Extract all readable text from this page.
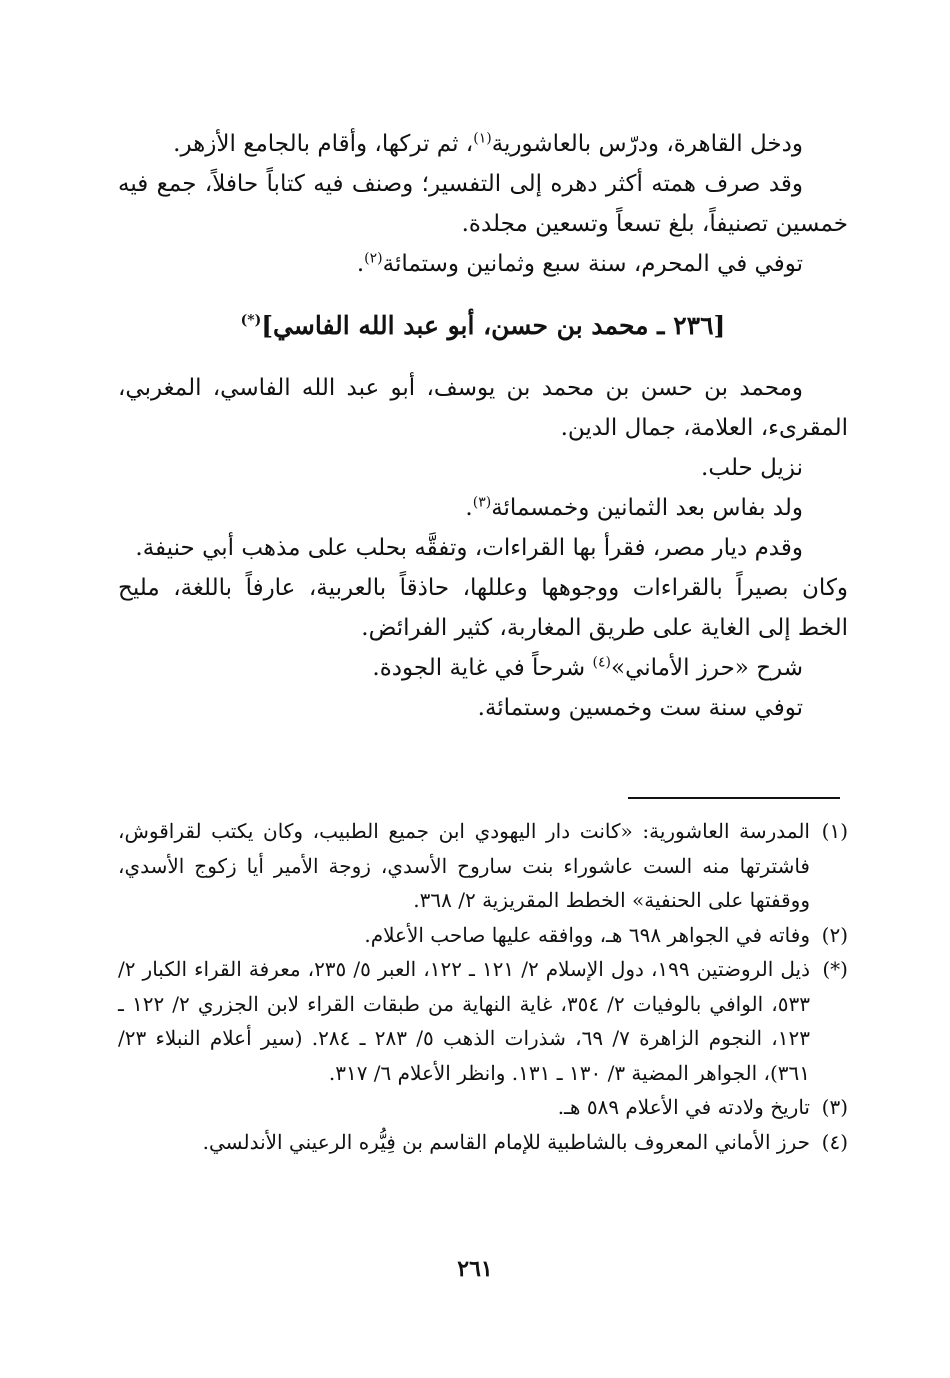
ودخل القاهرة، ودرّس بالعاشورية$^{(١)}$، ثم تركها، وأقام بالجامع الأزهر.

وقد صرف همته أكثر دهره إلى التفسير؛ وصنف فيه كتاباً حافلاً، جمع فيه خمسين تصنيفاً، بلغ تسعاً وتسعين مجلدة.

توفي في المحرم، سنة سبع وثمانين وستمائة$^{(٢)}$.

[٢٣٦ ـ محمد بن حسن، أبو عبد الله الفاسي](*)

ومحمد بن حسن بن محمد بن يوسف، أبو عبد الله الفاسي، المغربي، المقرىء، العلامة، جمال الدين.

نزيل حلب.

ولد بفاس بعد الثمانين وخمسمائة$^{(٣)}$.

وقدم ديار مصر، فقرأ بها القراءات، وتفقَّه بحلب على مذهب أبي حنيفة.

وكان بصيراً بالقراءات ووجوهها وعللها، حاذقاً بالعربية، عارفاً باللغة، مليح الخط إلى الغاية على طريق المغاربة، كثير الفرائض.

شرح «حرز الأماني»$^{(٤)}$ شرحاً في غاية الجودة.

توفي سنة ست وخمسين وستمائة.

(١)المدرسة العاشورية: «كانت دار اليهودي ابن جميع الطبيب، وكان يكتب لقراقوش، فاشترتها منه الست عاشوراء بنت ساروح الأسدي، زوجة الأمير أيا زكوج الأسدي، ووقفتها على الحنفية» الخطط المقريزية ٢/ ٣٦٨.

(٢)وفاته في الجواهر ٦٩٨ هـ، ووافقه عليها صاحب الأعلام.

(*)ذيل الروضتين ١٩٩، دول الإسلام ٢/ ١٢١ ـ ١٢٢، العبر ٥/ ٢٣٥، معرفة القراء الكبار ٢/ ٥٣٣، الوافي بالوفيات ٢/ ٣٥٤، غاية النهاية من طبقات القراء لابن الجزري ٢/ ١٢٢ ـ ١٢٣، النجوم الزاهرة ٧/ ٦٩، شذرات الذهب ٥/ ٢٨٣ ـ ٢٨٤. (سير أعلام النبلاء ٢٣/ ٣٦١)، الجواهر المضية ٣/ ١٣٠ ـ ١٣١. وانظر الأعلام ٦/ ٣١٧.

(٣)تاريخ ولادته في الأعلام ٥٨٩ هـ.

(٤)حرز الأماني المعروف بالشاطبية للإمام القاسم بن فِيُّره الرعيني الأندلسي.

٢٦١
